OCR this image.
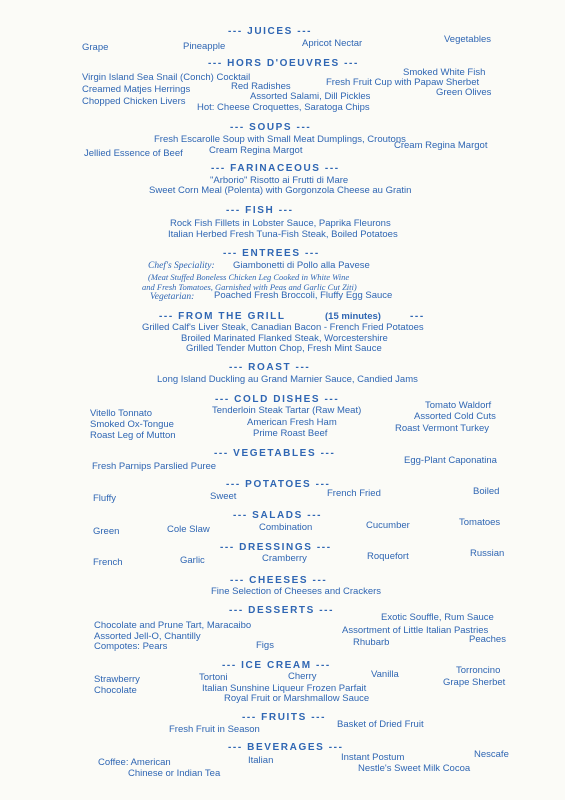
--- JUICES ---
Grape	Pineapple	Apricot Nectar	Vegetables
--- HORS D'OEUVRES ---
Virgin Island Sea Snail (Conch) Cocktail	Smoked White Fish
Creamed Matjes Herrings	Red Radishes	Fresh Fruit Cup with Papaw Sherbet
Chopped Chicken Livers	Assorted Salami, Dill Pickles	Green Olives
Hot: Cheese Croquettes, Saratoga Chips
--- SOUPS ---
Fresh Escarolle Soup with Small Meat Dumplings, Croutons
Cream Regina Margot
Jellied Essence of Beef	Cream Regina Margot
--- FARINACEOUS ---
"Arborio" Risotto ai Frutti di Mare
Sweet Corn Meal (Polenta) with Gorgonzola Cheese au Gratin
--- FISH ---
Rock Fish Fillets in Lobster Sauce, Paprika Fleurons
Italian Herbed Fresh Tuna-Fish Steak, Boiled Potatoes
--- ENTREES ---
Chef's Speciality: Giambonetti di Pollo alla Pavese
(Meat Stuffed Boneless Chicken Leg Cooked in White Wine
and Fresh Tomatoes, Garnished with Peas and Garlic Cut Ziti)
Vegetarian: Poached Fresh Broccoli, Fluffy Egg Sauce
--- FROM THE GRILL	(15 minutes)	---
Grilled Calf's Liver Steak, Canadian Bacon - French Fried Potatoes
Broiled Marinated Flanked Steak, Worcestershire
Grilled Tender Mutton Chop, Fresh Mint Sauce
--- ROAST ---
Long Island Duckling au Grand Marnier Sauce, Candied Jams
--- COLD DISHES ---
Tomato Waldorf
Vitello Tonnato	Tenderloin Steak Tartar (Raw Meat)
Assorted Cold Cuts
Smoked Ox-Tongue	American Fresh Ham
Roast Vermont Turkey
Roast Leg of Mutton	Prime Roast Beef
--- VEGETABLES ---
Fresh Parnips Parslied Puree
Egg-Plant Caponatina
--- POTATOES ---
Fluffy	Sweet	French Fried	Boiled
--- SALADS ---
Green	Cole Slaw	Combination	Cucumber	Tomatoes
--- DRESSINGS ---
French	Garlic	Cramberry	Roquefort	Russian
--- CHEESES ---
Fine Selection of Cheeses and Crackers
--- DESSERTS ---
Chocolate and Prune Tart, Maracaibo
Exotic Souffle, Rum Sauce
Assorted Jell-O, Chantilly
Assortment of Little Italian Pastries
Compotes: Pears	Figs	Rhubarb	Peaches
--- ICE CREAM ---	Torroncino
Strawberry	Tortoni	Cherry	Vanilla
Grape Sherbet
Chocolate	Italian Sunshine Liqueur Frozen Parfait
Royal Fruit or Marshmallow Sauce
--- FRUITS ---
Fresh Fruit in Season	Basket of Dried Fruit
--- BEVERAGES ---
Coffee: American	Italian	Instant Postum	Nescafe
Chinese or Indian Tea	Nestle's Sweet Milk Cocoa
